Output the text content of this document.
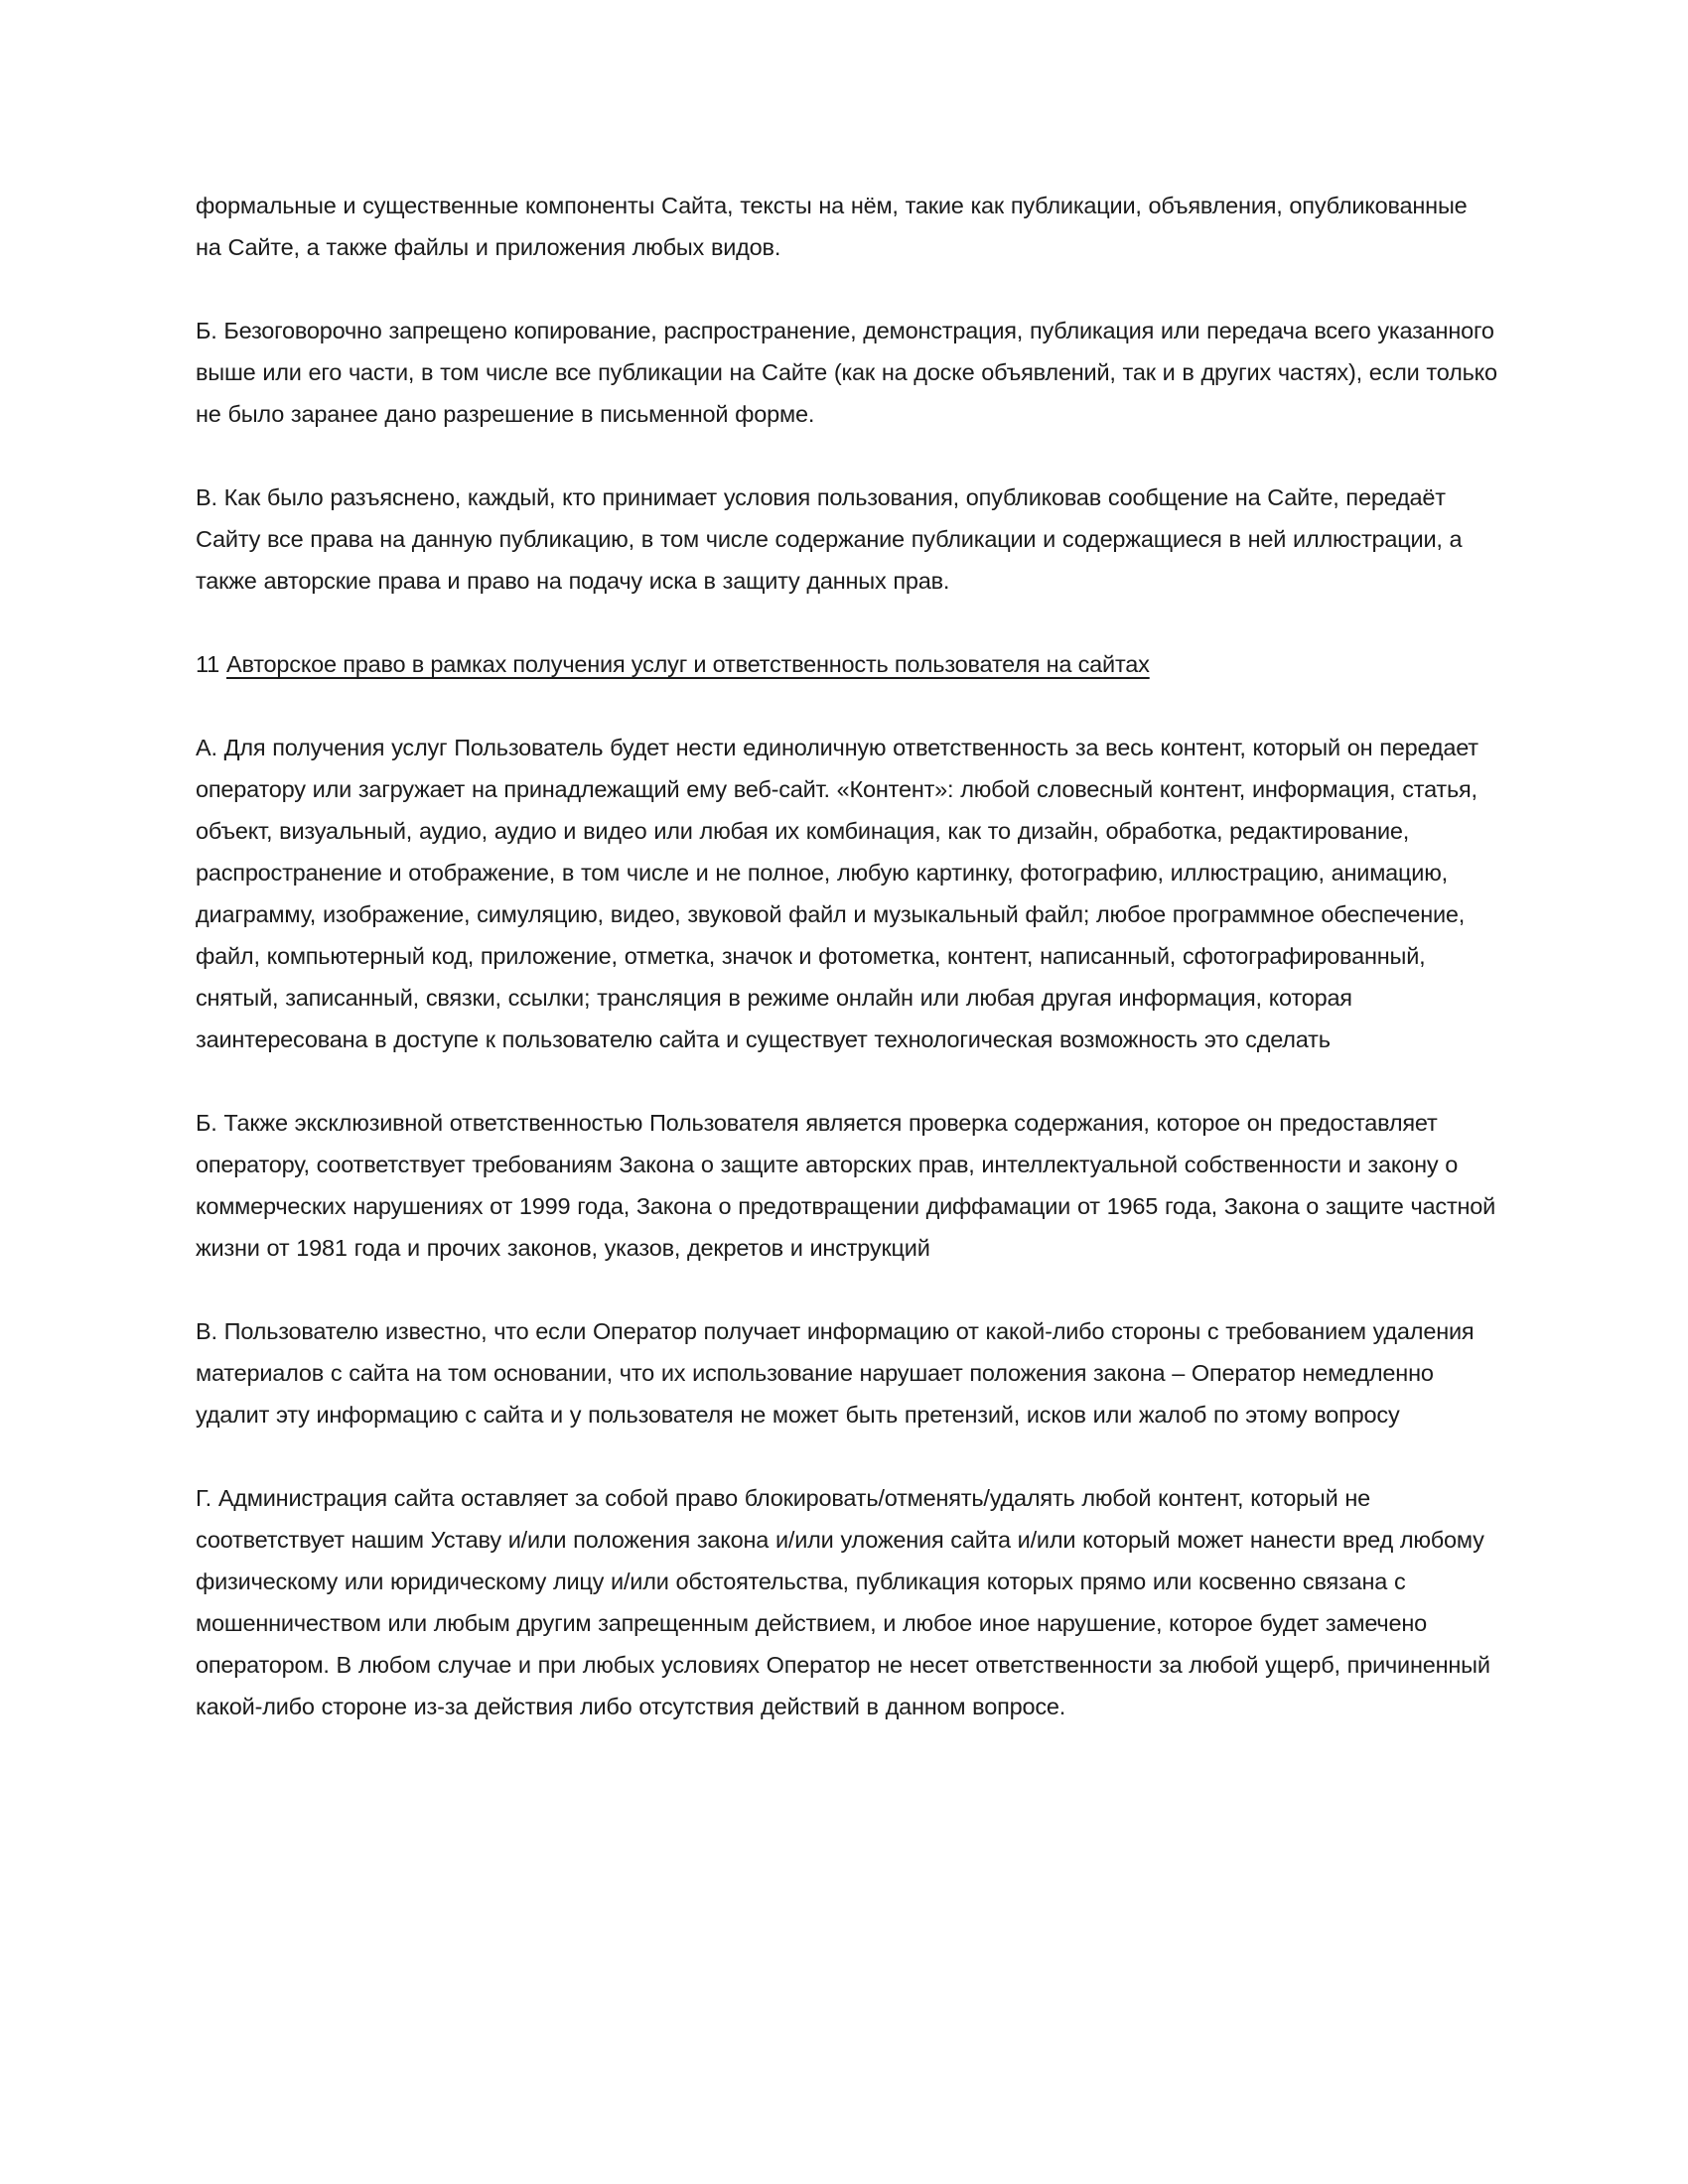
формальные и существенные компоненты Сайта, тексты на нём, такие как публикации, объявления, опубликованные на Сайте, а также файлы и приложения любых видов.

Б. Безоговорочно запрещено копирование, распространение, демонстрация, публикация или передача всего указанного выше или его части, в том числе все публикации на Сайте (как на доске объявлений, так и в других частях), если только не было заранее дано разрешение в письменной форме.

В. Как было разъяснено, каждый, кто принимает условия пользования, опубликовав сообщение на Сайте, передаёт Сайту все права на данную публикацию, в том числе содержание публикации и содержащиеся в ней иллюстрации, а также авторские права и право на подачу иска в защиту данных прав.

11 Авторское право в рамках получения услуг и ответственность пользователя на сайтах

А. Для получения услуг Пользователь будет нести единоличную ответственность за весь контент, который он передает оператору или загружает на принадлежащий ему веб-сайт. «Контент»: любой словесный контент, информация, статья, объект, визуальный, аудио, аудио и видео или любая их комбинация, как то дизайн, обработка, редактирование, распространение и отображение, в том числе и не полное, любую картинку, фотографию, иллюстрацию, анимацию, диаграмму, изображение, симуляцию, видео, звуковой файл и музыкальный файл; любое программное обеспечение, файл, компьютерный код, приложение, отметка, значок и фотометка, контент, написанный, сфотографированный, снятый, записанный, связки, ссылки; трансляция в режиме онлайн или любая другая информация, которая заинтересована в доступе к пользователю сайта и существует технологическая возможность это сделать

Б. Также эксклюзивной ответственностью Пользователя является проверка содержания, которое он предоставляет оператору, соответствует требованиям Закона о защите авторских прав, интеллектуальной собственности и закону о коммерческих нарушениях от 1999 года, Закона о предотвращении диффамации от 1965 года, Закона о защите частной жизни от 1981 года и прочих законов, указов, декретов и инструкций

В. Пользователю известно, что если Оператор получает информацию от какой-либо стороны с требованием удаления материалов с сайта на том основании, что их использование нарушает положения закона – Оператор немедленно удалит эту информацию с сайта и у пользователя не может быть претензий, исков или жалоб по этому вопросу

Г. Администрация сайта оставляет за собой право блокировать/отменять/удалять любой контент, который не соответствует нашим Уставу и/или положения закона и/или уложения сайта и/или который может нанести вред любому физическому или юридическому лицу и/или обстоятельства, публикация которых прямо или косвенно связана с мошенничеством или любым другим запрещенным действием, и любое иное нарушение, которое будет замечено оператором. В любом случае и при любых условиях Оператор не несет ответственности за любой ущерб, причиненный какой-либо стороне из-за действия либо отсутствия действий в данном вопросе.
